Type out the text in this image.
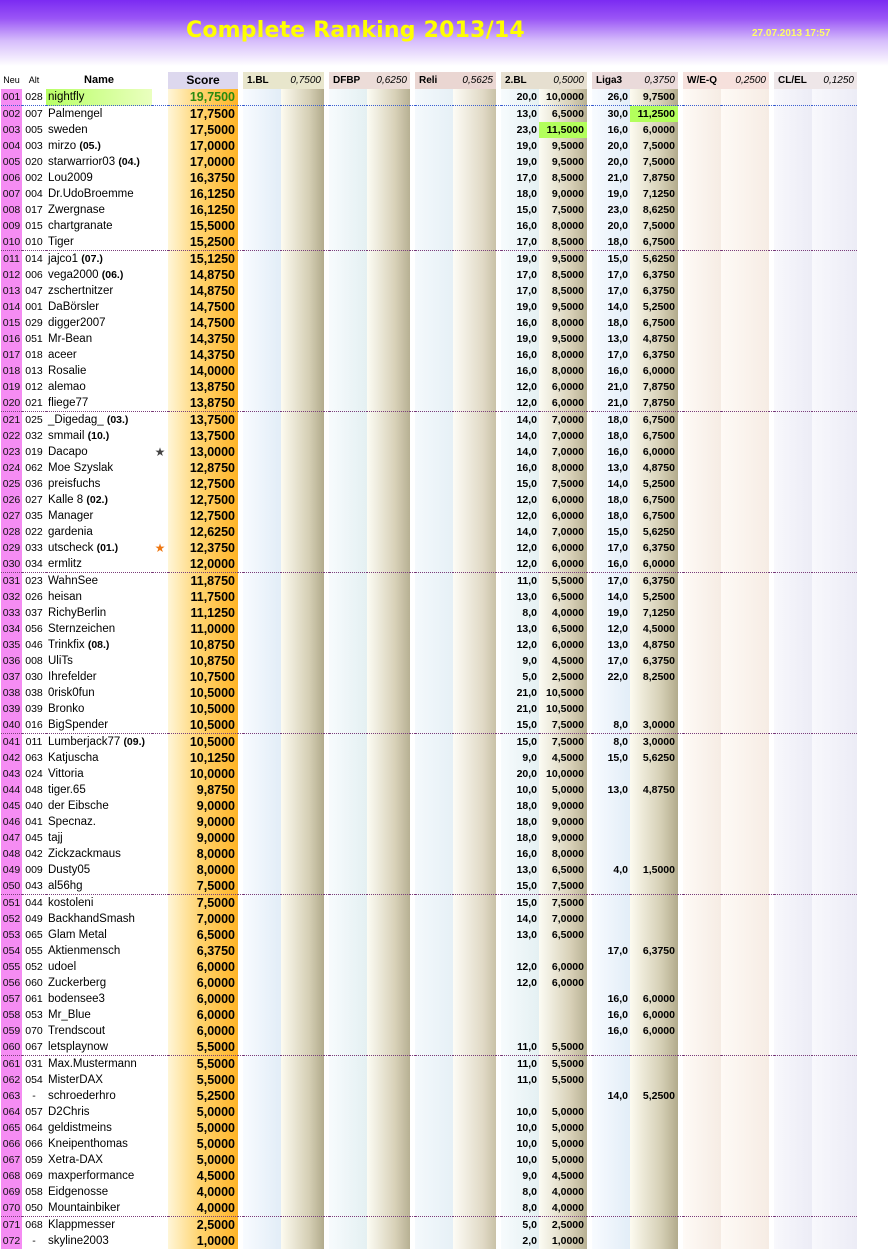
Complete Ranking 2013/14	27.07.2013 17:57
Neu	Alt	Name		Score		1.BL	0,7500		DFBP	0,6250		Reli	0,5625		2.BL	0,5000		Liga3	0,3750		W/E-Q	0,2500		CL/EL	0,1250
001	028	nightfly		19,7500											20,0	10,0000		26,0	9,7500						
002	007	Palmengel		17,7500											13,0	6,5000		30,0	11,2500						
003	005	sweden		17,5000											23,0	11,5000		16,0	6,0000						
004	003	mirzo (05.)		17,0000											19,0	9,5000		20,0	7,5000						
005	020	starwarrior03 (04.)		17,0000											19,0	9,5000		20,0	7,5000						
006	002	Lou2009		16,3750											17,0	8,5000		21,0	7,8750						
007	004	Dr.UdoBroemme		16,1250											18,0	9,0000		19,0	7,1250						
008	017	Zwergnase		16,1250											15,0	7,5000		23,0	8,6250						
009	015	chartgranate		15,5000											16,0	8,0000		20,0	7,5000						
010	010	Tiger		15,2500											17,0	8,5000		18,0	6,7500						
011	014	jajco1 (07.)		15,1250											19,0	9,5000		15,0	5,6250						
012	006	vega2000 (06.)		14,8750											17,0	8,5000		17,0	6,3750						
013	047	zschertnitzer		14,8750											17,0	8,5000		17,0	6,3750						
014	001	DaBörsler		14,7500											19,0	9,5000		14,0	5,2500						
015	029	digger2007		14,7500											16,0	8,0000		18,0	6,7500						
016	051	Mr-Bean		14,3750											19,0	9,5000		13,0	4,8750						
017	018	aceer		14,3750											16,0	8,0000		17,0	6,3750						
018	013	Rosalie		14,0000											16,0	8,0000		16,0	6,0000						
019	012	alemao		13,8750											12,0	6,0000		21,0	7,8750						
020	021	fliege77		13,8750											12,0	6,0000		21,0	7,8750						
021	025	_Digedag_ (03.)		13,7500											14,0	7,0000		18,0	6,7500						
022	032	smmail (10.)		13,7500											14,0	7,0000		18,0	6,7500						
023	019	Dacapo	★	13,0000											14,0	7,0000		16,0	6,0000						
024	062	Moe Szyslak		12,8750											16,0	8,0000		13,0	4,8750						
025	036	preisfuchs		12,7500											15,0	7,5000		14,0	5,2500						
026	027	Kalle 8 (02.)		12,7500											12,0	6,0000		18,0	6,7500						
027	035	Manager		12,7500											12,0	6,0000		18,0	6,7500						
028	022	gardenia		12,6250											14,0	7,0000		15,0	5,6250						
029	033	utscheck (01.)	★	12,3750											12,0	6,0000		17,0	6,3750						
030	034	ermlitz		12,0000											12,0	6,0000		16,0	6,0000						
031	023	WahnSee		11,8750											11,0	5,5000		17,0	6,3750						
032	026	heisan		11,7500											13,0	6,5000		14,0	5,2500						
033	037	RichyBerlin		11,1250											8,0	4,0000		19,0	7,1250						
034	056	Sternzeichen		11,0000											13,0	6,5000		12,0	4,5000						
035	046	Trinkfix (08.)		10,8750											12,0	6,0000		13,0	4,8750						
036	008	UliTs		10,8750											9,0	4,5000		17,0	6,3750						
037	030	Ihrefelder		10,7500											5,0	2,5000		22,0	8,2500						
038	038	0risk0fun		10,5000											21,0	10,5000									
039	039	Bronko		10,5000											21,0	10,5000									
040	016	BigSpender		10,5000											15,0	7,5000		8,0	3,0000						
041	011	Lumberjack77 (09.)		10,5000											15,0	7,5000		8,0	3,0000						
042	063	Katjuscha		10,1250											9,0	4,5000		15,0	5,6250						
043	024	Vittoria		10,0000											20,0	10,0000									
044	048	tiger.65		9,8750											10,0	5,0000		13,0	4,8750						
045	040	der Eibsche		9,0000											18,0	9,0000									
046	041	Specnaz.		9,0000											18,0	9,0000									
047	045	tajj		9,0000											18,0	9,0000									
048	042	Zickzackmaus		8,0000											16,0	8,0000									
049	009	Dusty05		8,0000											13,0	6,5000		4,0	1,5000						
050	043	al56hg		7,5000											15,0	7,5000									
051	044	kostoleni		7,5000											15,0	7,5000									
052	049	BackhandSmash		7,0000											14,0	7,0000									
053	065	Glam Metal		6,5000											13,0	6,5000									
054	055	Aktienmensch		6,3750														17,0	6,3750						
055	052	udoel		6,0000											12,0	6,0000									
056	060	Zuckerberg		6,0000											12,0	6,0000									
057	061	bodensee3		6,0000														16,0	6,0000						
058	053	Mr_Blue		6,0000														16,0	6,0000						
059	070	Trendscout		6,0000														16,0	6,0000						
060	067	letsplaynow		5,5000											11,0	5,5000									
061	031	Max.Mustermann		5,5000											11,0	5,5000									
062	054	MisterDAX		5,5000											11,0	5,5000									
063	-	schroederhro		5,2500														14,0	5,2500						
064	057	D2Chris		5,0000											10,0	5,0000									
065	064	geldistmeins		5,0000											10,0	5,0000									
066	066	Kneipenthomas		5,0000											10,0	5,0000									
067	059	Xetra-DAX		5,0000											10,0	5,0000									
068	069	maxperformance		4,5000											9,0	4,5000									
069	058	Eidgenosse		4,0000											8,0	4,0000									
070	050	Mountainbiker		4,0000											8,0	4,0000									
071	068	Klappmesser		2,5000											5,0	2,5000									
072	-	skyline2003		1,0000											2,0	1,0000									
